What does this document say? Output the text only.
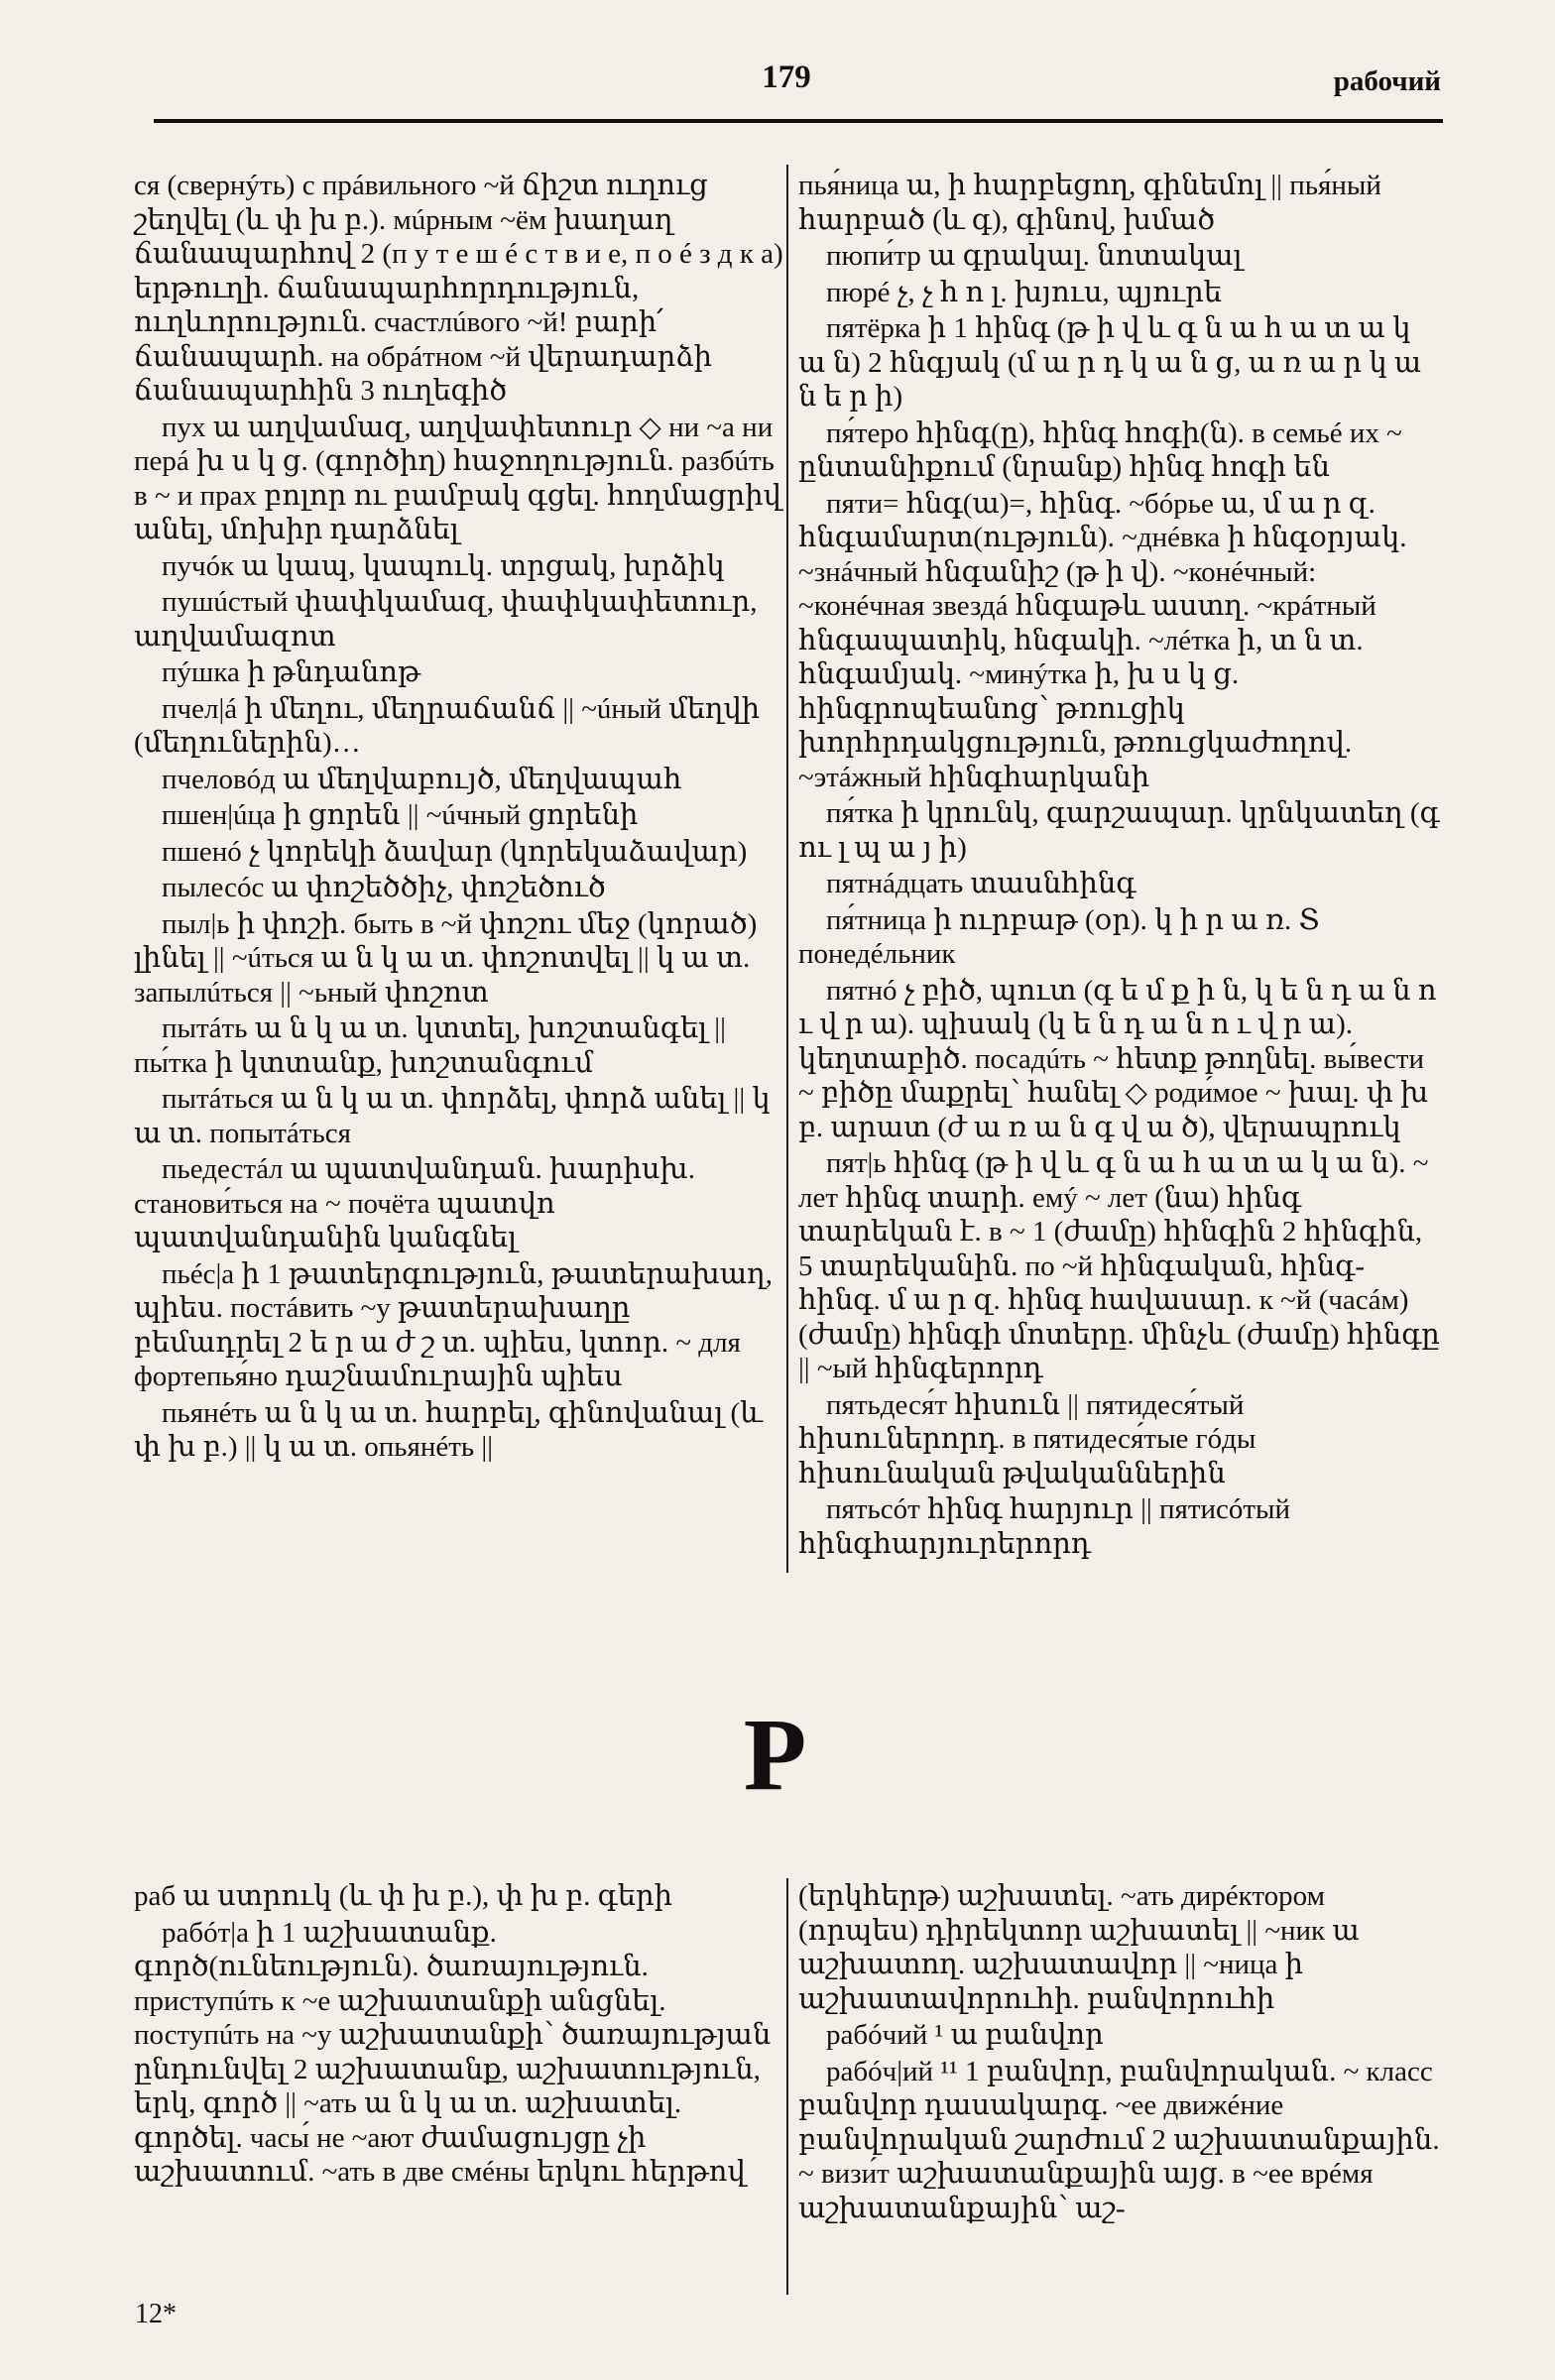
179	рабочий

ся (свернýть) с прáвильного ~й ճիշտ ուղուց շեղվել (և փ խ բ.). мúрным ~ём խաղաղ ճանապարհով 2 (п у т е ш é с т в и е, п о é з д к а) երթուղի. ճանապարհորդություն, ուղևորություն. счастлúвого ~й! բարի՛ ճանապարհ. на обрáтном ~й վերադարձի ճանապարհին 3 ուղեգիծ

пух ա աղվամազ, աղվափետուր ◇ ни ~а ни перá խ ս կ ց. (գործիղ) հաջողություն. разбúть в ~ и прах բոլոր ու բամբակ գցել. հողմացրիվ անել, մոխիր դարձնել

пучóк ա կապ, կապուկ. տրցակ, խրձիկ

пушúстый փափկամազ, փափկափետուր, աղվամազոտ

пýшка ի թնդանոթ

пчел|á ի մեղու, մեղրաճանճ || ~úный մեղվի (մեղուներին)…

пчеловóд ա մեղվաբույծ, մեղվապահ

пшен|úца ի ցորեն || ~úчный ցորենի

пшенó չ կորեկի ձավար (կորեկաձավար)

пылесóс ա փոշեծծիչ, փոշեծուծ

пыл|ь ի փոշի. быть в ~й փոշու մեջ (կորած) լինել || ~úться ա ն կ ա տ. փոշոտվել || կ ա տ. запылúться || ~ьный փոշոտ

пытáть ա ն կ ա տ. կտտել, խոշտանգել || пы́тка ի կտտանք, խոշտանգում

пытáться ա ն կ ա տ. փորձել, փորձ անել || կ ա տ. попытáться

пьедестáл ա պատվանդան. խարիսխ. станови́ться на ~ почёта պատվո պատվանդանին կանգնել

пьéс|а ի 1 թատերգություն, թատերախաղ, պիես. постáвить ~у թատերախաղը բեմադրել 2 ե ր ա ժ շ տ. պիես, կտոր. ~ для фортепья́но դաշնամուրային պիես

пьянéть ա ն կ ա տ. հարբել, գինովանալ (և փ խ բ.) || կ ա տ. опьянéть ||

пья́ница ա, ի հարբեցող, գինեմոլ || пья́ный հարբած (և գ), գինով, խմած

пюпи́тр ա գրակալ. նոտակալ

пюрé չ, չ հ ո լ. խյուս, պյուրե

пятёрка ի 1 հինգ (թ ի վ և գ ն ա հ ա տ ա կ ա ն) 2 հնգյակ (մ ա ր դ կ ա ն ց, ա ռ ա ր կ ա ն ե ր ի)

пя́теро հինգ(ը), հինգ հոգի(ն). в семьé их ~ ընտանիքում (նրանք) հինգ հոգի են

пяти= հնգ(ա)=, հինգ. ~бóрье ա, մ ա ր զ. հնգամարտ(ություն). ~днéвка ի հնգօրյակ. ~знáчный հնգանիշ (թ ի վ). ~конéчный: ~конéчная звездá հնգաթև աստղ. ~крáтный հնգապատիկ, հնգակի. ~лéтка ի, տ ն տ. հնգամյակ. ~минýтка ի, խ ս կ ց. հինգրոպեանոց՝ թռուցիկ խորհրդակցություն, թռուցկաժողով. ~этáжный հինգհարկանի

пя́тка ի կրունկ, գարշապար. կրնկատեղ (գ ու լ պ ա յ ի)

пятнáдцать տասնհինգ

пя́тница ի ուրբաթ (օր). կ ի ր ա ռ. Տ понедéльник

пятнó չ բիծ, պուտ (գ ե մ ք ի ն, կ ե ն դ ա ն ո ւ վ ր ա). պիսակ (կ ե ն դ ա ն ո ւ վ ր ա). կեղտաբիծ. посадúть ~ հետք թողնել. вы́вести ~ բիծը մաքրել՝ հանել ◇ роди́мое ~ խալ. փ խ բ. արատ (ժ ա ռ ա ն գ վ ա ծ), վերապրուկ

пят|ь հինգ (թ ի վ և գ ն ա հ ա տ ա կ ա ն). ~ лет հինգ տարի. емý ~ лет (նա) հինգ տարեկան է. в ~ 1 (ժամը) հինգին 2 հինգին, 5 տարեկանին. по ~й հինգական, հինգ-հինգ. մ ա ր զ. հինգ հավասար. к ~й (часáм) (ժամը) հինգի մոտերը. մինչև (ժամը) հինգը || ~ый հինգերորդ

пятьдеся́т հիսուն || пятидеся́тый հիսուներորդ. в пятидеся́тые гóды հիսունական թվականներին

пятьсóт հինգ հարյուր || пятисóтый հինգհարյուրերորդ

Р

раб ա ստրուկ (և փ խ բ.), փ խ բ. գերի

рабóт|а ի 1 աշխատանք. գործ(ունեություն). ծառայություն. приступúть к ~е աշխատանքի անցնել. поступúть на ~у աշխատանքի՝ ծառայության ընդունվել 2 աշխատանք, աշխատություն, երկ, գործ || ~ать ա ն կ ա տ. աշխատել. գործել. часы́ не ~ают ժամացույցը չի աշխատում. ~ать в две смéны երկու հերթով

(երկհերթ) աշխատել. ~ать дирéктором (որպես) դիրեկտոր աշխատել || ~ник ա աշխատող. աշխատավոր || ~ница ի աշխատավորուհի. բանվորուհի

рабóчий ¹ ա բանվոր

рабóч|ий ¹¹ 1 բանվոր, բանվորական. ~ класс բանվոր դասակարգ. ~ее движéние բանվորական շարժում 2 աշխատանքային. ~ визи́т աշխատանքային այց. в ~ее врéмя աշխատանքային՝ աշ-

12*
